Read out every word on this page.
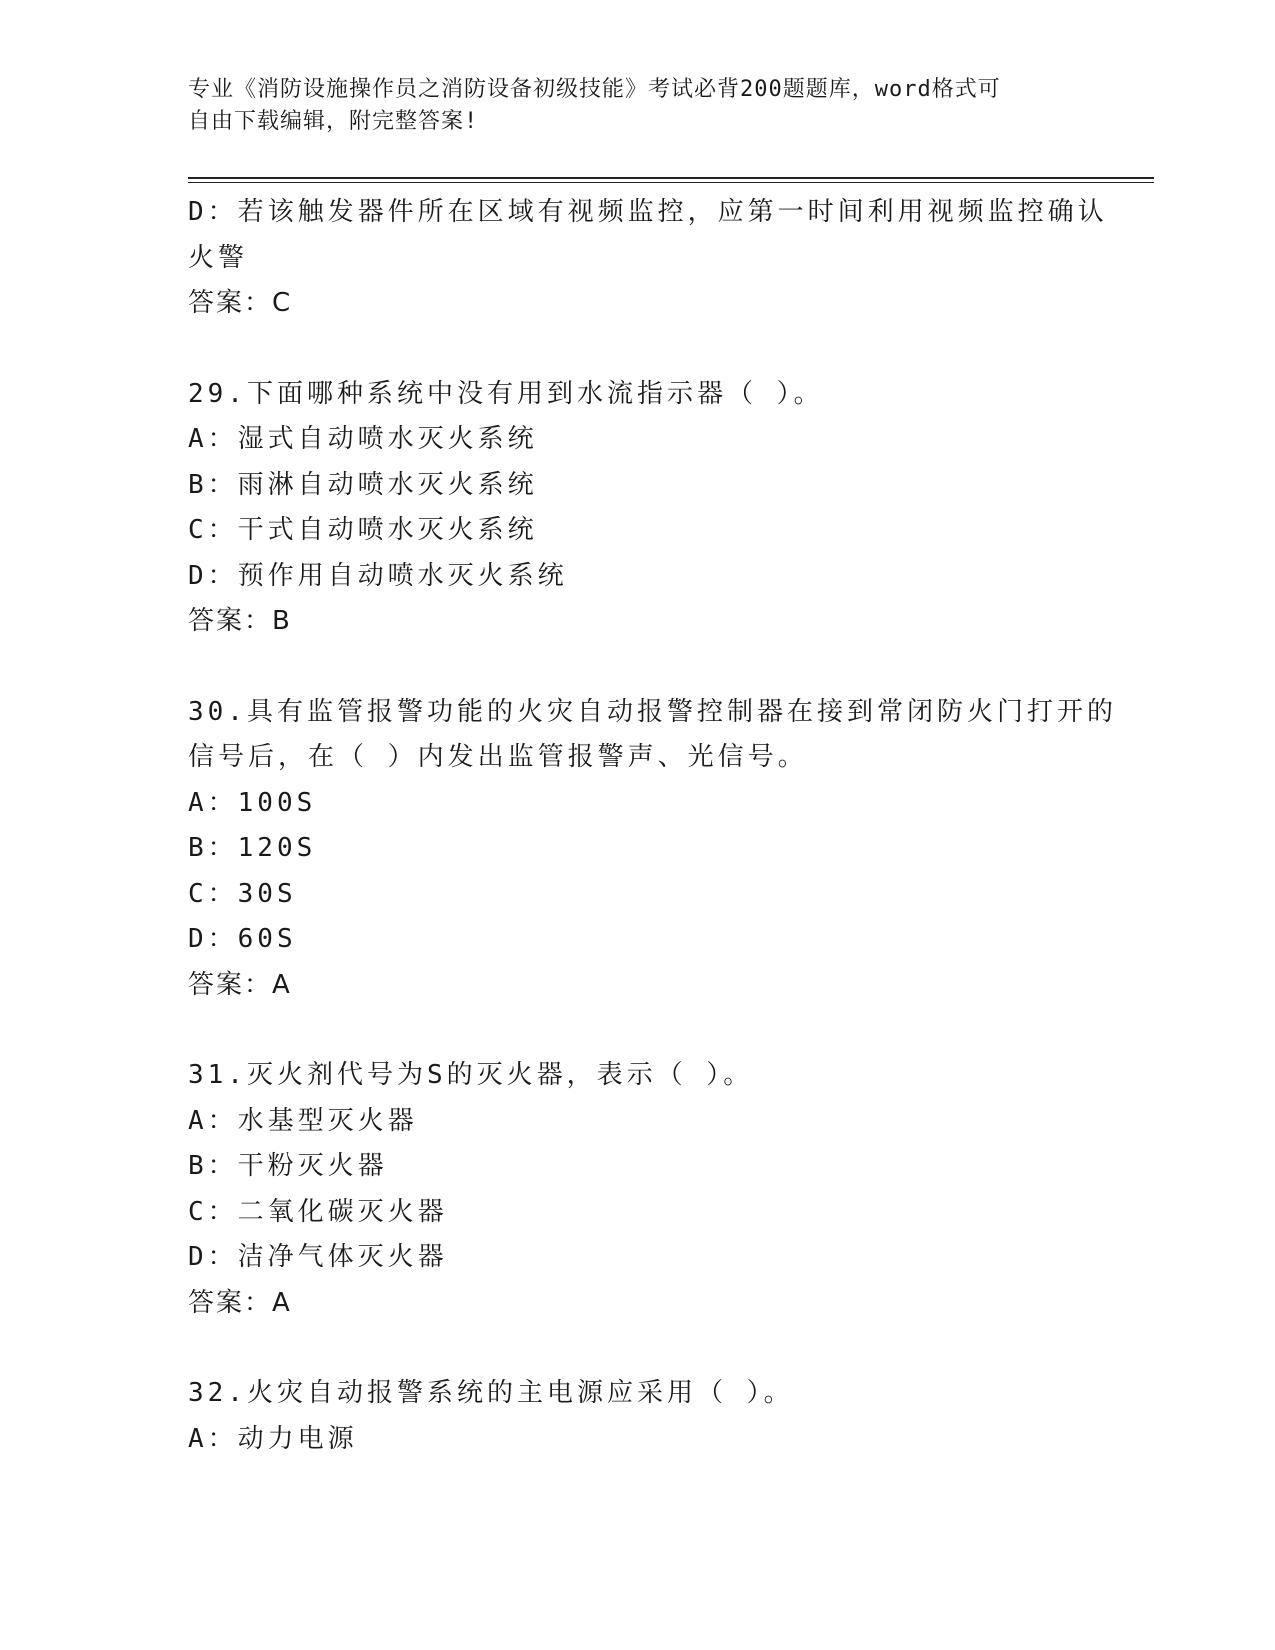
专业《消防设施操作员之消防设备初级技能》考试必背200题题库，word格式可
自由下载编辑，附完整答案!
D：若该触发器件所在区域有视频监控，应第一时间利用视频监控确认
火警
答案：C
29.下面哪种系统中没有用到水流指示器（ ）。
A：湿式自动喷水灭火系统
B：雨淋自动喷水灭火系统
C：干式自动喷水灭火系统
D：预作用自动喷水灭火系统
答案：B
30.具有监管报警功能的火灾自动报警控制器在接到常闭防火门打开的
信号后，在（ ）内发出监管报警声、光信号。
A：100S
B：120S
C：30S
D：60S
答案：A
31.灭火剂代号为S的灭火器，表示（ ）。
A：水基型灭火器
B：干粉灭火器
C：二氧化碳灭火器
D：洁净气体灭火器
答案：A
32.火灾自动报警系统的主电源应采用（ ）。
A：动力电源
